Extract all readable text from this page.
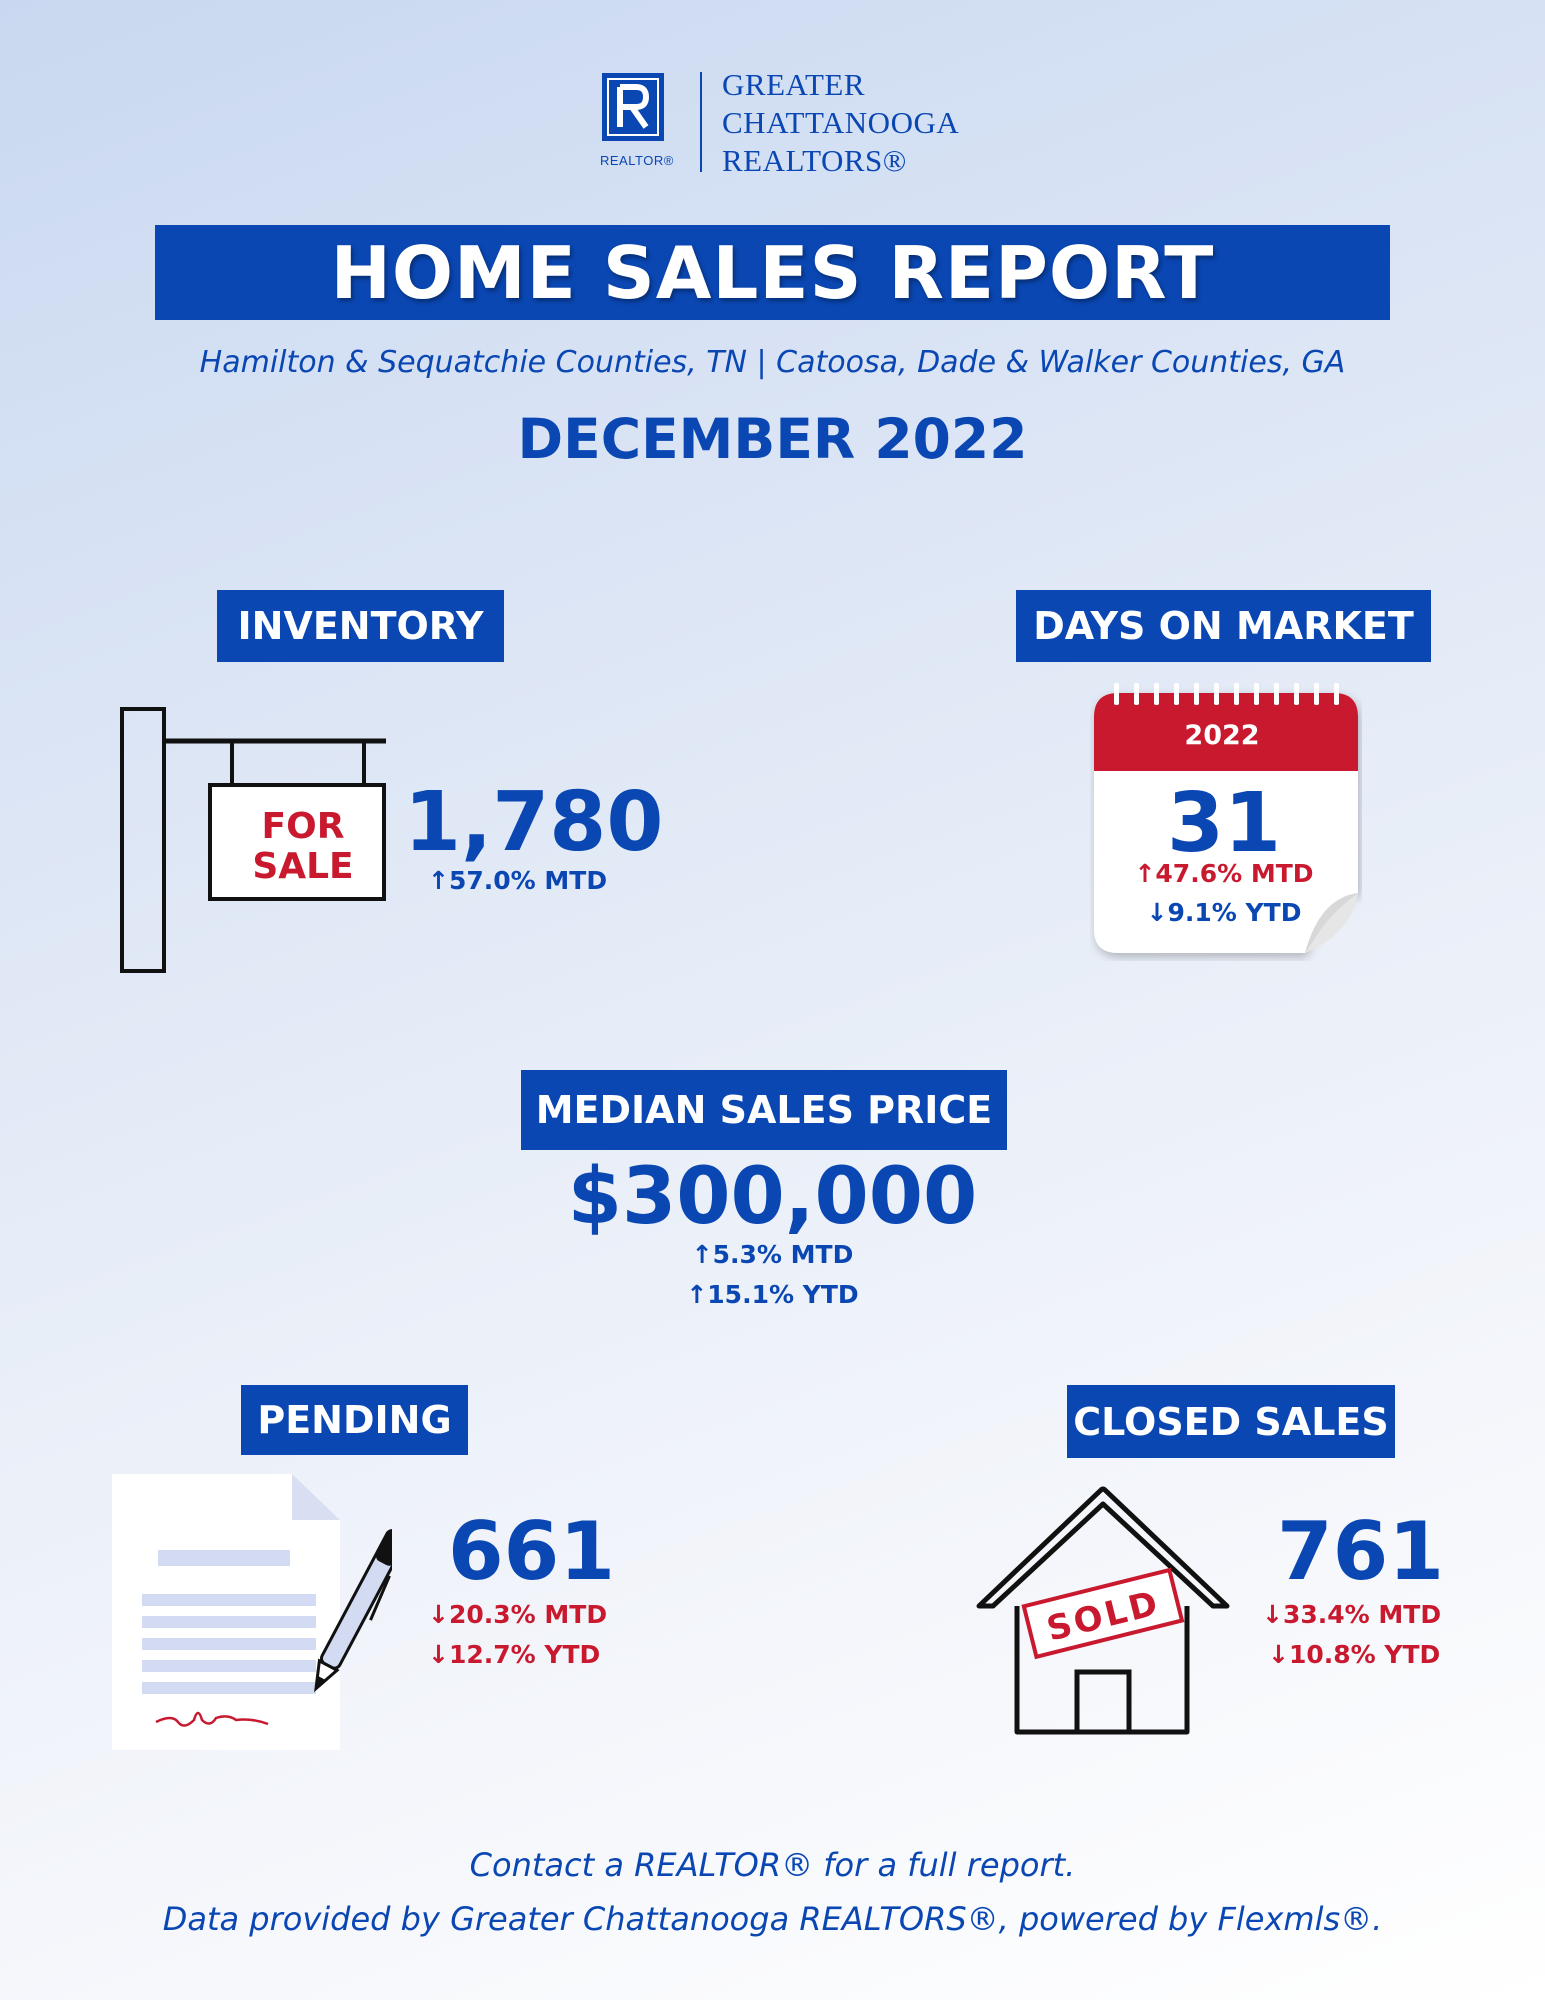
REALTOR®
GREATER
CHATTANOOGA
REALTORS®
HOME SALES REPORT
Hamilton & Sequatchie Counties, TN | Catoosa, Dade & Walker Counties, GA
DECEMBER 2022
INVENTORY
FOR
SALE 1,780
↑57.0% MTD
DAYS ON MARKET
2022
31
↑47.6% MTD
↓9.1% YTD
MEDIAN SALES PRICE
$300,000
↑5.3% MTD
↑15.1% YTD
PENDING
661
↓20.3% MTD
↓12.7% YTD
CLOSED SALES
SOLD
761
↓33.4% MTD
↓10.8% YTD
Contact a REALTOR® for a full report.
Data provided by Greater Chattanooga REALTORS®, powered by Flexmls®.
